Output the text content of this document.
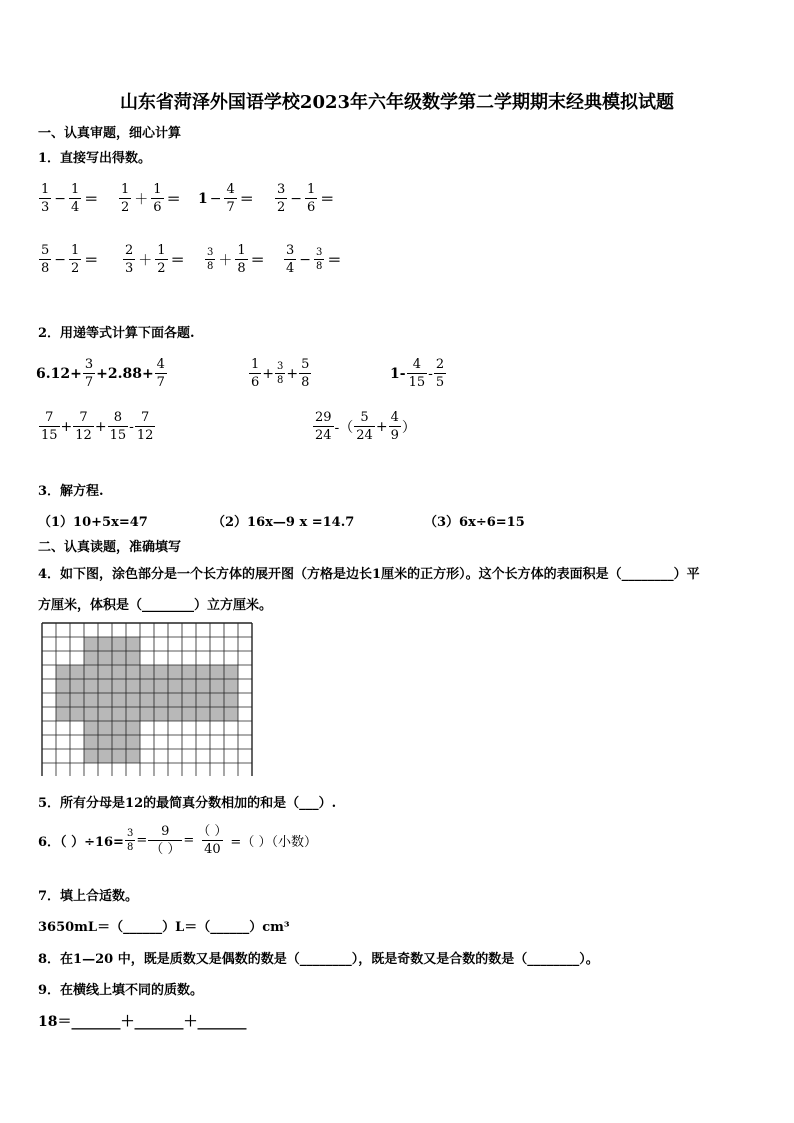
山东省菏泽外国语学校2023年六年级数学第二学期期末经典模拟试题
一、认真审题，细心计算
1．直接写出得数。
$\frac{1}{3} - \frac{1}{4} = \frac{1}{2} + \frac{1}{6} = 1 - \frac{4}{7} = \frac{3}{2} - \frac{1}{6}$ ＝
$\frac{5}{8} - \frac{1}{2} = \frac{2}{3} + \frac{1}{2} = \frac{3}{8} + \frac{1}{8} = \frac{3}{4} - \frac{3}{8}$ ＝
2．用递等式计算下面各题.
$6.12+ \frac{3}{7} +2.88+ \frac{4}{7}$	$\frac{1}{6} + \frac{3}{8} + \frac{5}{8}$	$1- \frac{4}{15} - \frac{2}{5}$
$\frac{7}{15} + \frac{7}{12} + \frac{8}{15} - \frac{7}{12}$	$\frac{29}{24}$ -（ $\frac{5}{24} + \frac{4}{9}$ ）
3．解方程.
（1）10+5x=47	（2）16x—9 x =14.7	（3）6x÷6=15
二、认真读题，准确填写
4．如下图，涂色部分是一个长方体的展开图（方格是边长1厘米的正方形）。这个长方体的表面积是（________）平
方厘米，体积是（________）立方厘米。
5．所有分母是12的最简真分数相加的和是（___）.
6．（ ）$\div 16= \frac{3}{8} = \frac{9}{( )} = \frac{( )}{40}$ =（ ）（小数）
7．填上合适数。
3650mL＝（______）L＝（______）cm³
8．在1—20 中，既是质数又是偶数的数是（________），既是奇数又是合数的数是（________）。
9．在横线上填不同的质数。
18＝_______＋_______＋_______
